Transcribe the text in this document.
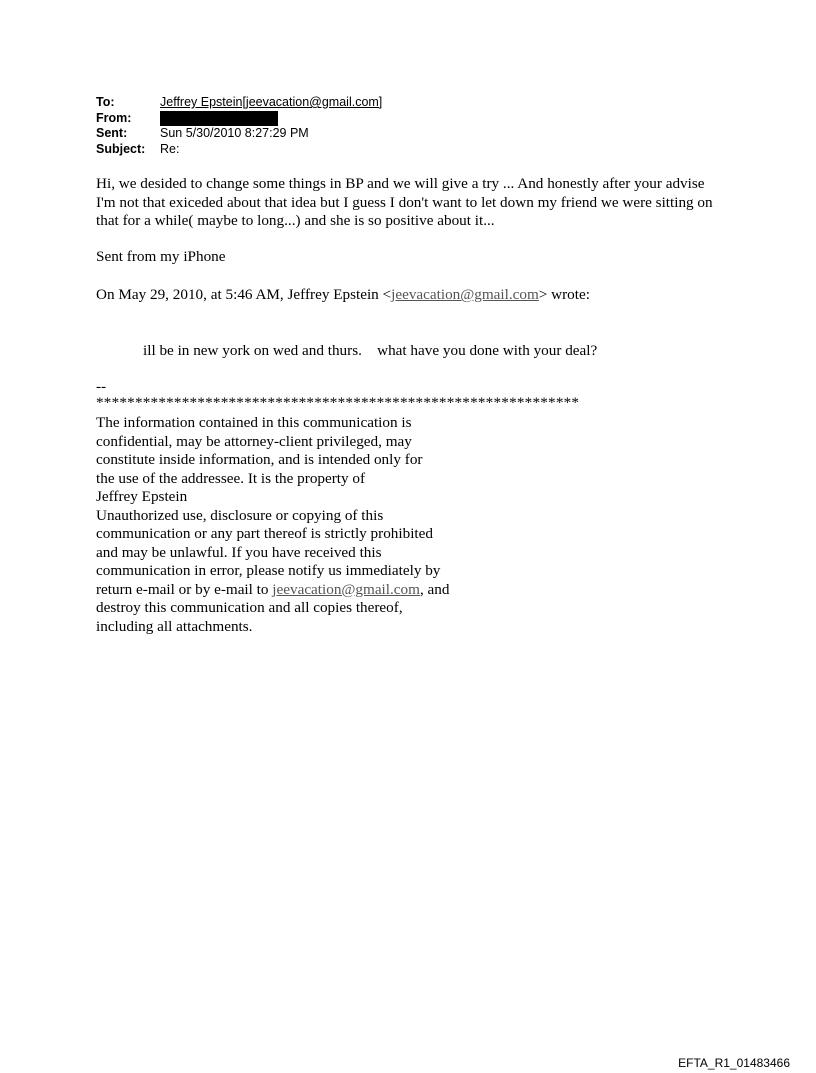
To:	Jeffrey Epstein[jeevacation@gmail.com]
From:
Sent:	Sun 5/30/2010 8:27:29 PM
Subject:	Re:
Hi, we desided to change some things in BP and we will give a try ... And honestly after your advise I'm not that exiceded about that idea but I guess I don't want to let down my friend we were sitting on that for a while( maybe to long...) and she is so positive about it...
Sent from my iPhone
On May 29, 2010, at 5:46 AM, Jeffrey Epstein <jeevacation@gmail.com> wrote:
ill be in new york on wed and thurs.    what have you done with your deal?
--
**************************************************************
The information contained in this communication is
confidential, may be attorney-client privileged, may
constitute inside information, and is intended only for
the use of the addressee. It is the property of
Jeffrey Epstein
Unauthorized use, disclosure or copying of this
communication or any part thereof is strictly prohibited
and may be unlawful. If you have received this
communication in error, please notify us immediately by
return e-mail or by e-mail to jeevacation@gmail.com, and
destroy this communication and all copies thereof,
including all attachments.
EFTA_R1_01483466
